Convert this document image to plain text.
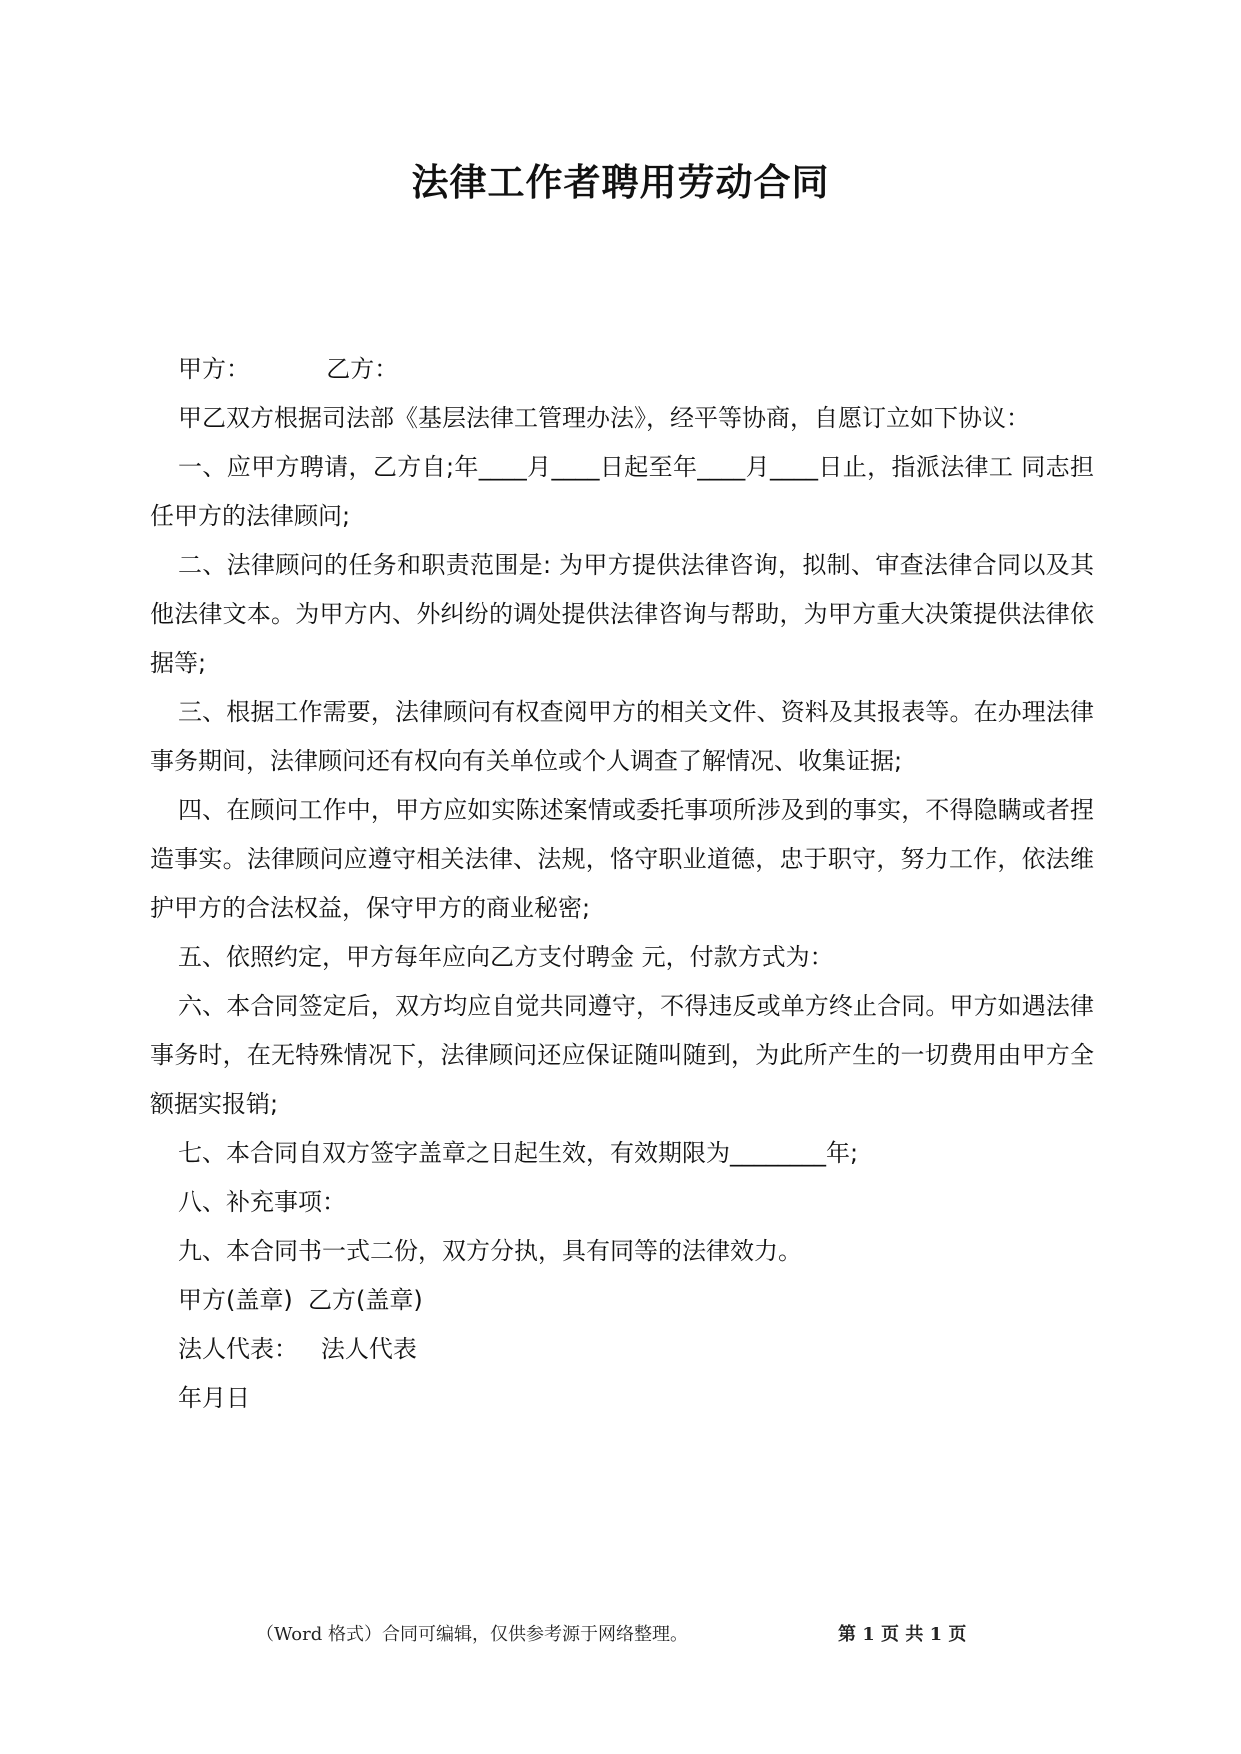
法律工作者聘用劳动合同
甲方：          乙方：

甲乙双方根据司法部《基层法律工管理办法》，经平等协商，自愿订立如下协议：

一、应甲方聘请，乙方自;年____月____日起至年____月____日止，指派法律工 同志担任甲方的法律顾问;

二、法律顾问的任务和职责范围是: 为甲方提供法律咨询，拟制、审查法律合同以及其他法律文本。为甲方内、外纠纷的调处提供法律咨询与帮助，为甲方重大决策提供法律依据等;

三、根据工作需要，法律顾问有权查阅甲方的相关文件、资料及其报表等。在办理法律事务期间，法律顾问还有权向有关单位或个人调查了解情况、收集证据;

四、在顾问工作中，甲方应如实陈述案情或委托事项所涉及到的事实，不得隐瞒或者捏造事实。法律顾问应遵守相关法律、法规，恪守职业道德，忠于职守，努力工作，依法维护甲方的合法权益，保守甲方的商业秘密;

五、依照约定，甲方每年应向乙方支付聘金 元，付款方式为：

六、本合同签定后，双方均应自觉共同遵守，不得违反或单方终止合同。甲方如遇法律事务时，在无特殊情况下，法律顾问还应保证随叫随到，为此所产生的一切费用由甲方全额据实报销;

七、本合同自双方签字盖章之日起生效，有效期限为________年;

八、补充事项：

九、本合同书一式二份，双方分执，具有同等的法律效力。

甲方(盖章)  乙方(盖章)
法人代表：   法人代表
年月日
（Word 格式）合同可编辑，仅供参考源于网络整理。	第 1 页 共 1 页
